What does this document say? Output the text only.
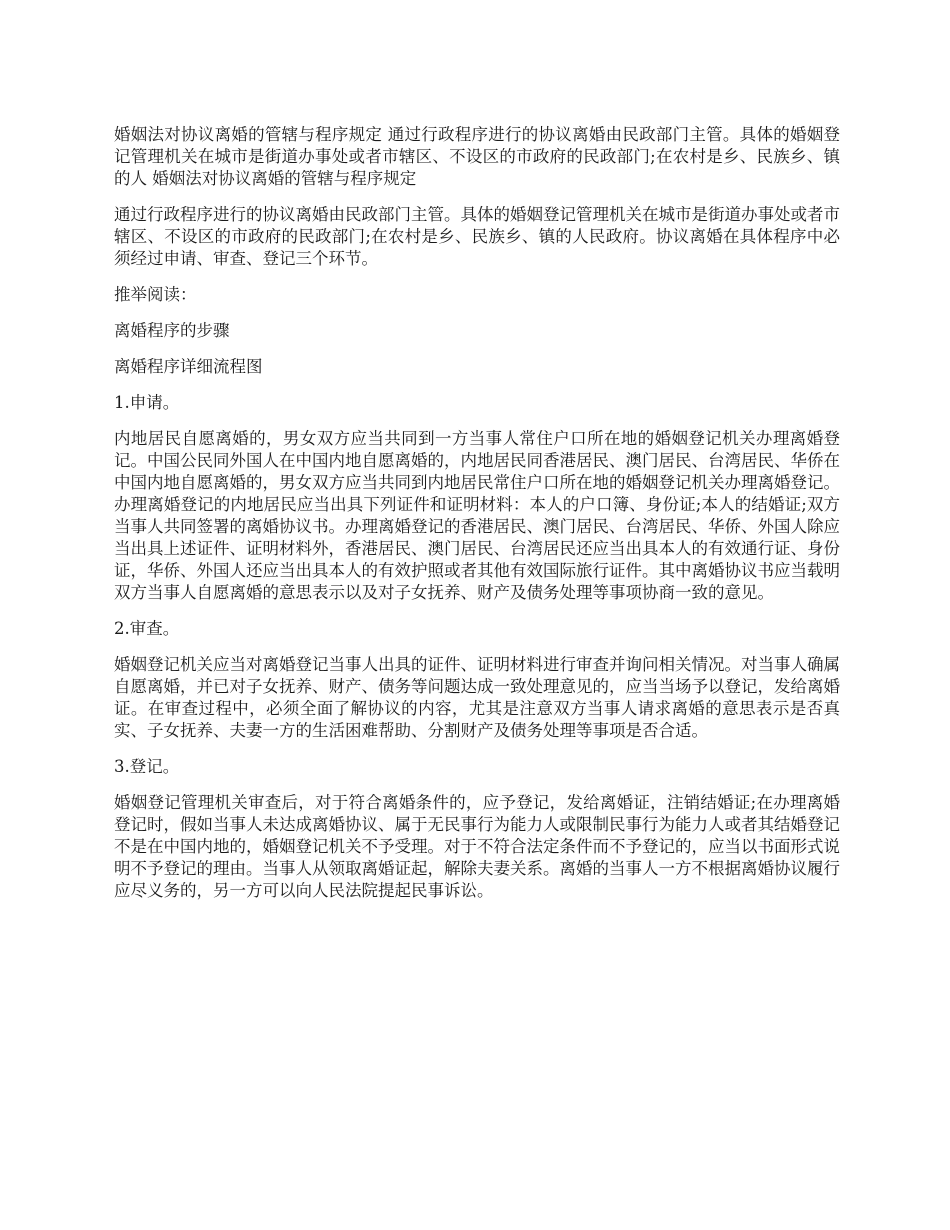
婚姻法对协议离婚的管辖与程序规定 通过行政程序进行的协议离婚由民政部门主管。具体的婚姻登记管理机关在城市是街道办事处或者市辖区、不设区的市政府的民政部门;在农村是乡、民族乡、镇的人 婚姻法对协议离婚的管辖与程序规定

通过行政程序进行的协议离婚由民政部门主管。具体的婚姻登记管理机关在城市是街道办事处或者市辖区、不设区的市政府的民政部门;在农村是乡、民族乡、镇的人民政府。协议离婚在具体程序中必须经过申请、审查、登记三个环节。

推举阅读：

离婚程序的步骤

离婚程序详细流程图

1.申请。

内地居民自愿离婚的，男女双方应当共同到一方当事人常住户口所在地的婚姻登记机关办理离婚登记。中国公民同外国人在中国内地自愿离婚的，内地居民同香港居民、澳门居民、台湾居民、华侨在中国内地自愿离婚的，男女双方应当共同到内地居民常住户口所在地的婚姻登记机关办理离婚登记。办理离婚登记的内地居民应当出具下列证件和证明材料：本人的户口簿、身份证;本人的结婚证;双方当事人共同签署的离婚协议书。办理离婚登记的香港居民、澳门居民、台湾居民、华侨、外国人除应当出具上述证件、证明材料外，香港居民、澳门居民、台湾居民还应当出具本人的有效通行证、身份证，华侨、外国人还应当出具本人的有效护照或者其他有效国际旅行证件。其中离婚协议书应当载明双方当事人自愿离婚的意思表示以及对子女抚养、财产及债务处理等事项协商一致的意见。

2.审查。

婚姻登记机关应当对离婚登记当事人出具的证件、证明材料进行审查并询问相关情况。对当事人确属自愿离婚，并已对子女抚养、财产、债务等问题达成一致处理意见的，应当当场予以登记，发给离婚证。在审查过程中，必须全面了解协议的内容，尤其是注意双方当事人请求离婚的意思表示是否真实、子女抚养、夫妻一方的生活困难帮助、分割财产及债务处理等事项是否合适。

3.登记。

婚姻登记管理机关审查后，对于符合离婚条件的，应予登记，发给离婚证，注销结婚证;在办理离婚登记时，假如当事人未达成离婚协议、属于无民事行为能力人或限制民事行为能力人或者其结婚登记不是在中国内地的，婚姻登记机关不予受理。对于不符合法定条件而不予登记的，应当以书面形式说明不予登记的理由。当事人从领取离婚证起，解除夫妻关系。离婚的当事人一方不根据离婚协议履行应尽义务的，另一方可以向人民法院提起民事诉讼。
